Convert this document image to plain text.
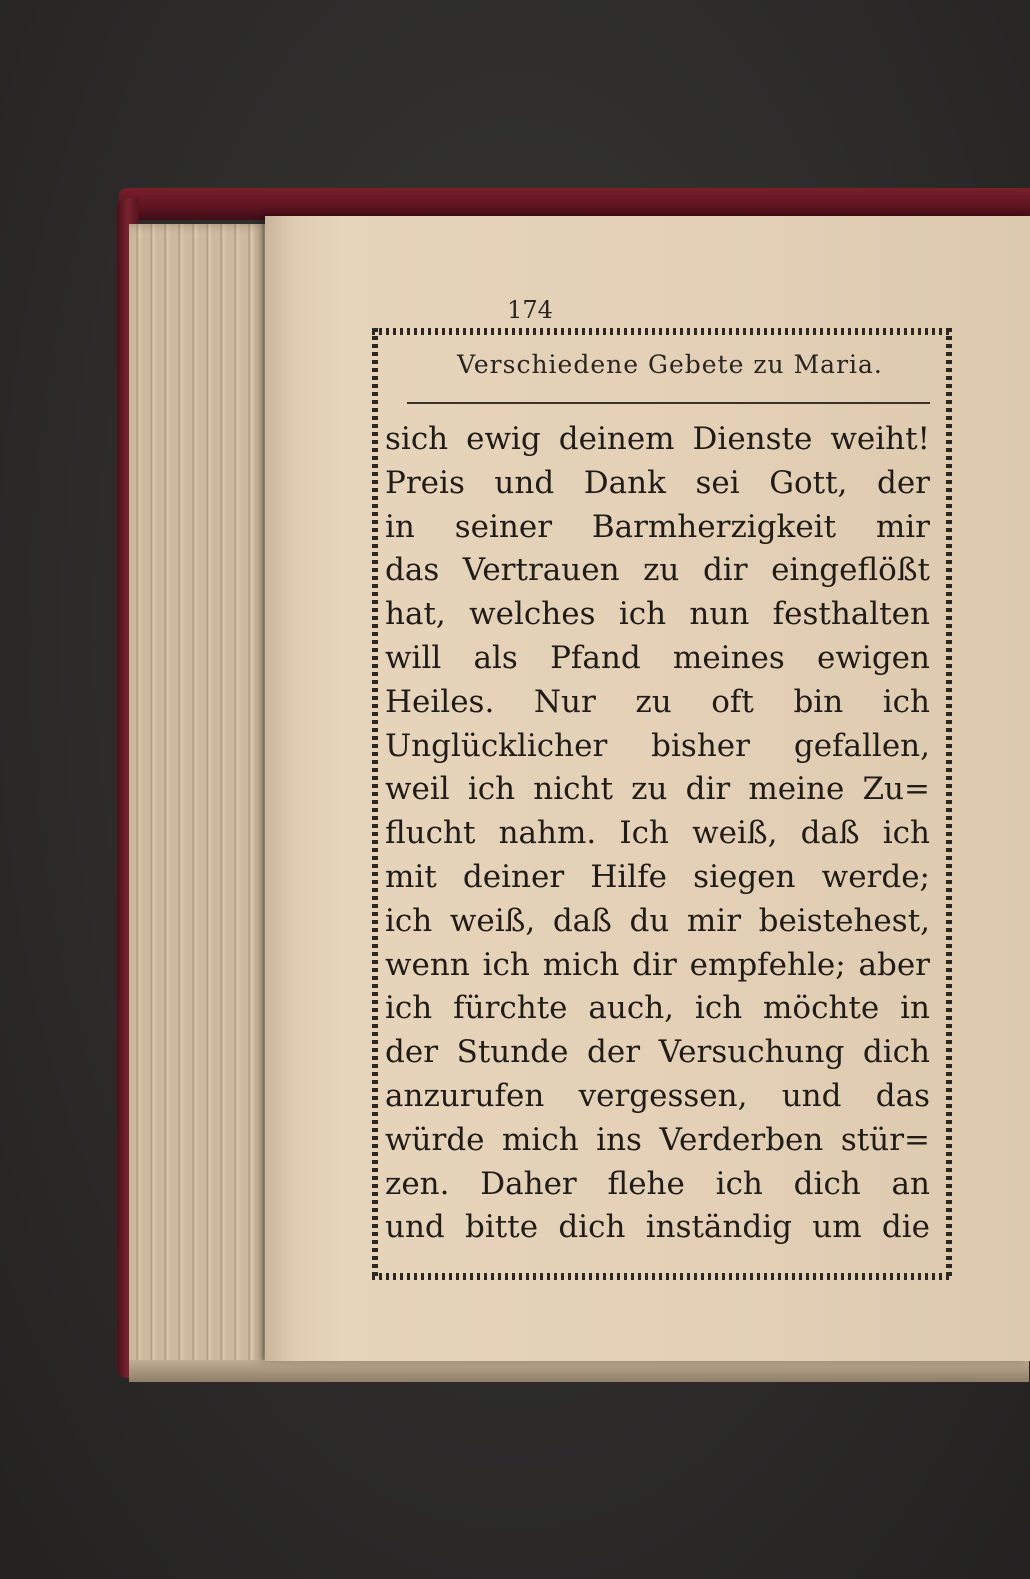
174
Verschiedene Gebete zu Maria.
sich ewig deinem Dienste weiht!
Preis und Dank sei Gott, der
in seiner Barmherzigkeit mir
das Vertrauen zu dir eingeflößt
hat, welches ich nun festhalten
will als Pfand meines ewigen
Heiles. Nur zu oft bin ich
Unglücklicher bisher gefallen,
weil ich nicht zu dir meine Zu=
flucht nahm. Ich weiß, daß ich
mit deiner Hilfe siegen werde;
ich weiß, daß du mir beistehest,
wenn ich mich dir empfehle; aber
ich fürchte auch, ich möchte in
der Stunde der Versuchung dich
anzurufen vergessen, und das
würde mich ins Verderben stür=
zen. Daher flehe ich dich an
und bitte dich inständig um die
